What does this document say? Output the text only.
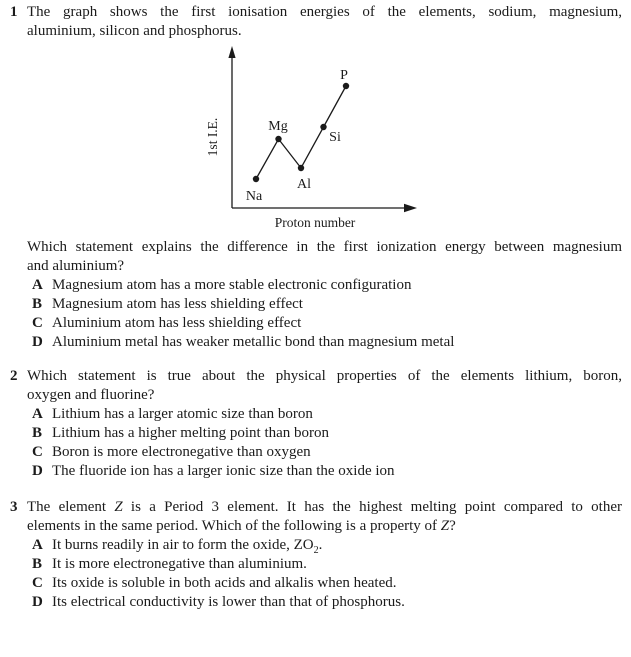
1 The graph shows the first ionisation energies of the elements, sodium, magnesium,

aluminium, silicon and phosphorus.

Na
Mg
Al
Si
P
1st I.E.
Proton number

Which statement explains the difference in the first ionization energy between magnesium

and aluminium?

A Magnesium atom has a more stable electronic configuration
B Magnesium atom has less shielding effect
C Aluminium atom has less shielding effect
D Aluminium metal has weaker metallic bond than magnesium metal
2 Which statement is true about the physical properties of the elements lithium, boron,

oxygen and fluorine?

A Lithium has a larger atomic size than boron
B Lithium has a higher melting point than boron
C Boron is more electronegative than oxygen
D The fluoride ion has a larger ionic size than the oxide ion
3 The element Z is a Period 3 element. It has the highest melting point compared to other

elements in the same period. Which of the following is a property of Z?

A It burns readily in air to form the oxide, $ZO_2$.
B It is more electronegative than aluminium.
C Its oxide is soluble in both acids and alkalis when heated.
D Its electrical conductivity is lower than that of phosphorus.
